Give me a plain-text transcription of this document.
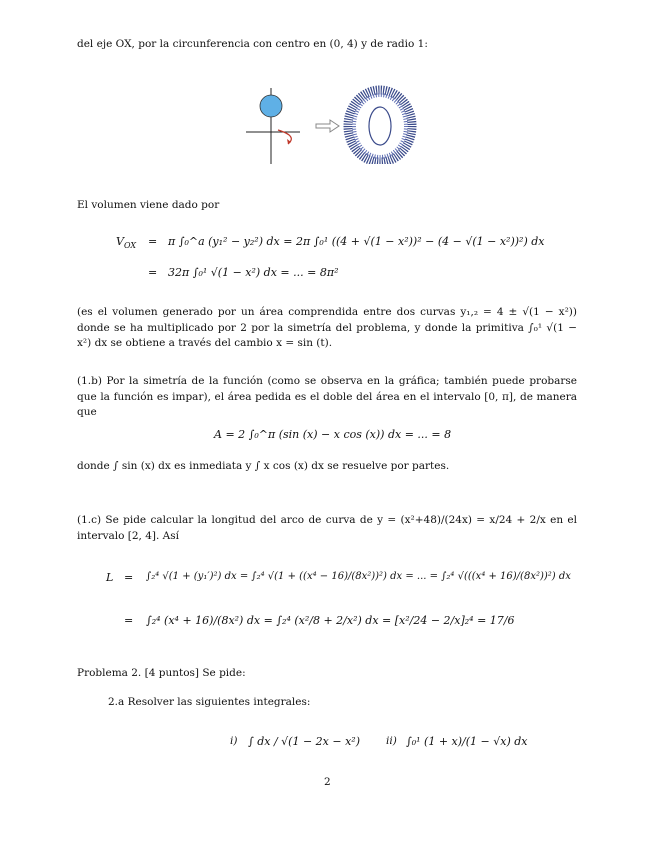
del eje OX, por la circunferencia con centro en (0, 4) y de radio 1:
El volumen viene dado por
$V_{OX} = \pi$ ∫₀^a (y₁² − y₂²) dx = 2π ∫₀¹ ((4 + √(1 − x²))² − (4 − √(1 − x²))²) dx
= 32π ∫₀¹ √(1 − x²) dx = ... = 8π²
(es el volumen generado por un área comprendida entre dos curvas y₁,₂ = 4 ± √(1 − x²)) donde se ha multiplicado por 2 por la simetría del problema, y donde la primitiva ∫₀¹ √(1 − x²) dx se obtiene a través del cambio x = sin (t).
(1.b) Por la simetría de la función (como se observa en la gráfica; también puede probarse que la función es impar), el área pedida es el doble del área en el intervalo [0, π], de manera que
A = 2 ∫₀^π (sin (x) − x cos (x)) dx = ... = 8
donde ∫ sin (x) dx es inmediata y ∫ x cos (x) dx se resuelve por partes.
(1.c) Se pide calcular la longitud del arco de curva de y = (x²+48)/(24x) = x/24 + 2/x en el intervalo [2, 4]. Así
L = ∫₂⁴ √(1 + (y₁′)²) dx = ∫₂⁴ √(1 + ((x⁴ − 16)/(8x²))²) dx = ... = ∫₂⁴ √(((x⁴ + 16)/(8x²))²) dx
= ∫₂⁴ (x⁴ + 16)/(8x²) dx = ∫₂⁴ (x²/8 + 2/x²) dx = [x²/24 − 2/x]₂⁴ = 17/6
Problema 2. [4 puntos] Se pide:
2.a Resolver las siguientes integrales:
i) ∫ dx / √(1 − 2x − x²) ii) ∫₀¹ (1 + x)/(1 − √x) dx
2
